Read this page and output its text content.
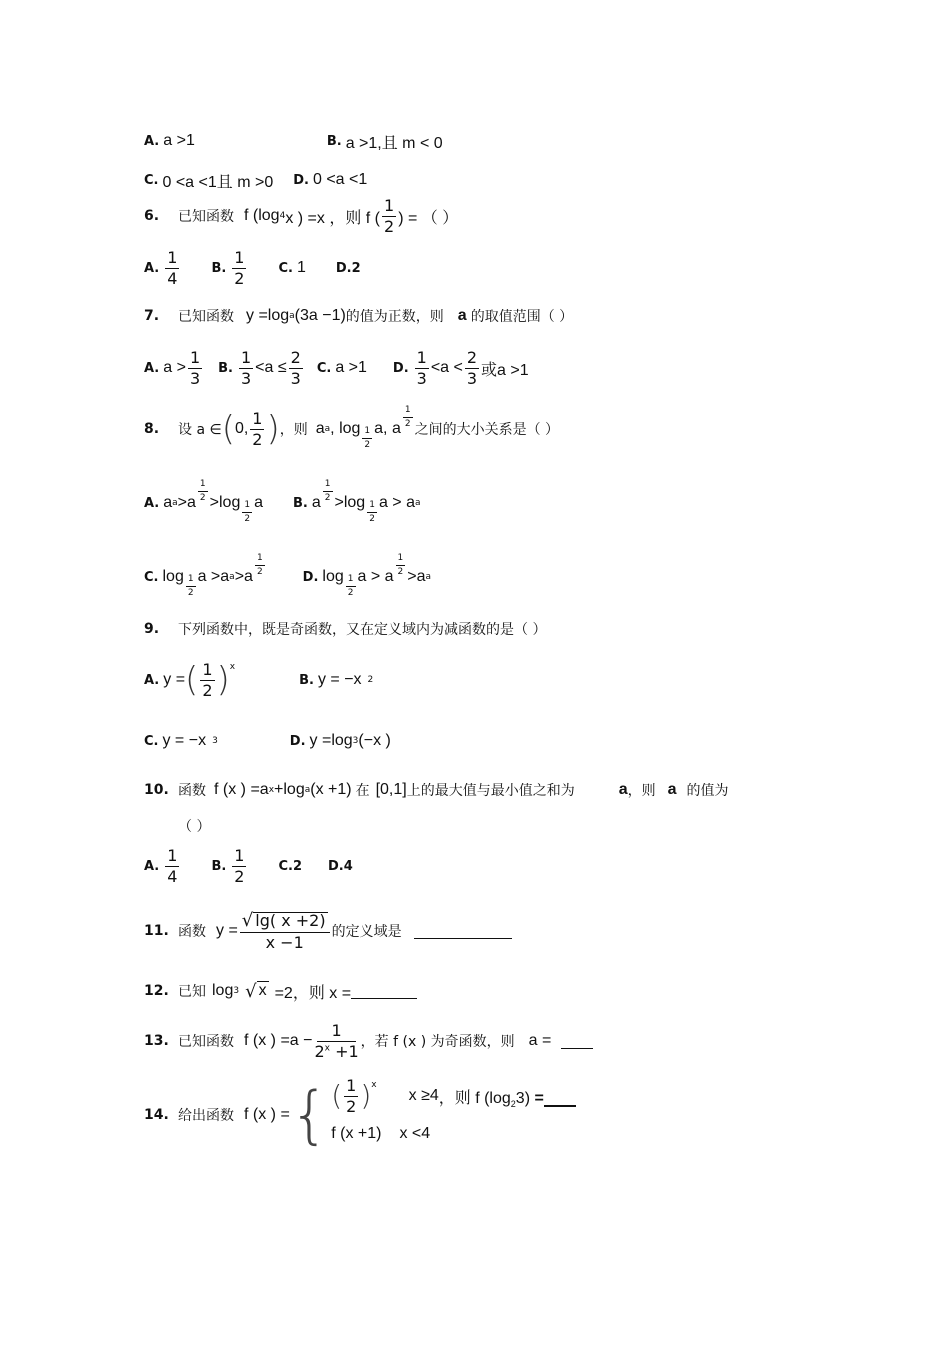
A. a >1	B. a >1,且 m < 0
C. 0 <a <1且 m >0 D. 0 <a <1
6.	已知函数 f (log 4 x ) =x ，则 f ( $\frac{1}{2}$ ) = （ ）
A. $\frac{1}{4} B$. $\frac{1}{2} C$. 1 D.2
7.	已知函数 y =log a (3a −1) 的值为正数，则 a 的取值范围（ ）
A. $a > \frac{1}{3} B$. $\frac{1}{3} <a \le \frac{2}{3} C$. a >1 D. $\frac{1}{3} <a < \frac{2}{3}$ 或a >1
8.	设 a ∈ ( 0, $\frac{1}{2}$ ) ，则 a a , $\log \frac{1}{2} a$, a $\frac{1}{2}$
之间的大小关系是（ ）
A. a $a >a \frac{1}{2} >\log \frac{1}{2}$ a B. a $\frac{1}{2} >\log \frac{1}{2}$ a > a a
C. $\log \frac{1}{2}$ a >a $a >a \frac{1}{2}$
D. $\log \frac{1}{2}$ a > a $\frac{1}{2} >a$ a
9.	下列函数中，既是奇函数，又在定义域内为减函数的是（ ）
A. y = ( $\frac{1}{2} )^x$
B. y = −x 2
C. y = −x 3	D. y =log 3 (−x )
10. 函数 f (x ) =a x +log a (x +1) 在 [0,1] 上的最大值与最小值之和为	a ，则 a 的值为
（ ）
A. $\frac{1}{4} B$. $\frac{1}{2} C.2$ D.4
11. 函数 $y = \frac{√ \lg( x +2)}{x -1}$ 的定义域是
12. 已知 log 3 √ x =2，则 x =
13. 已知函数 f (x ) $=a - \frac{1}{2^x +1}$ ，若 f (x ) 为奇函数，则 a =
14. 给出函数 f (x ) = { ( $\frac{1}{2} )^x$
x ≥4
f (x +1) x <4
，则 f $(\log_23)$ =
